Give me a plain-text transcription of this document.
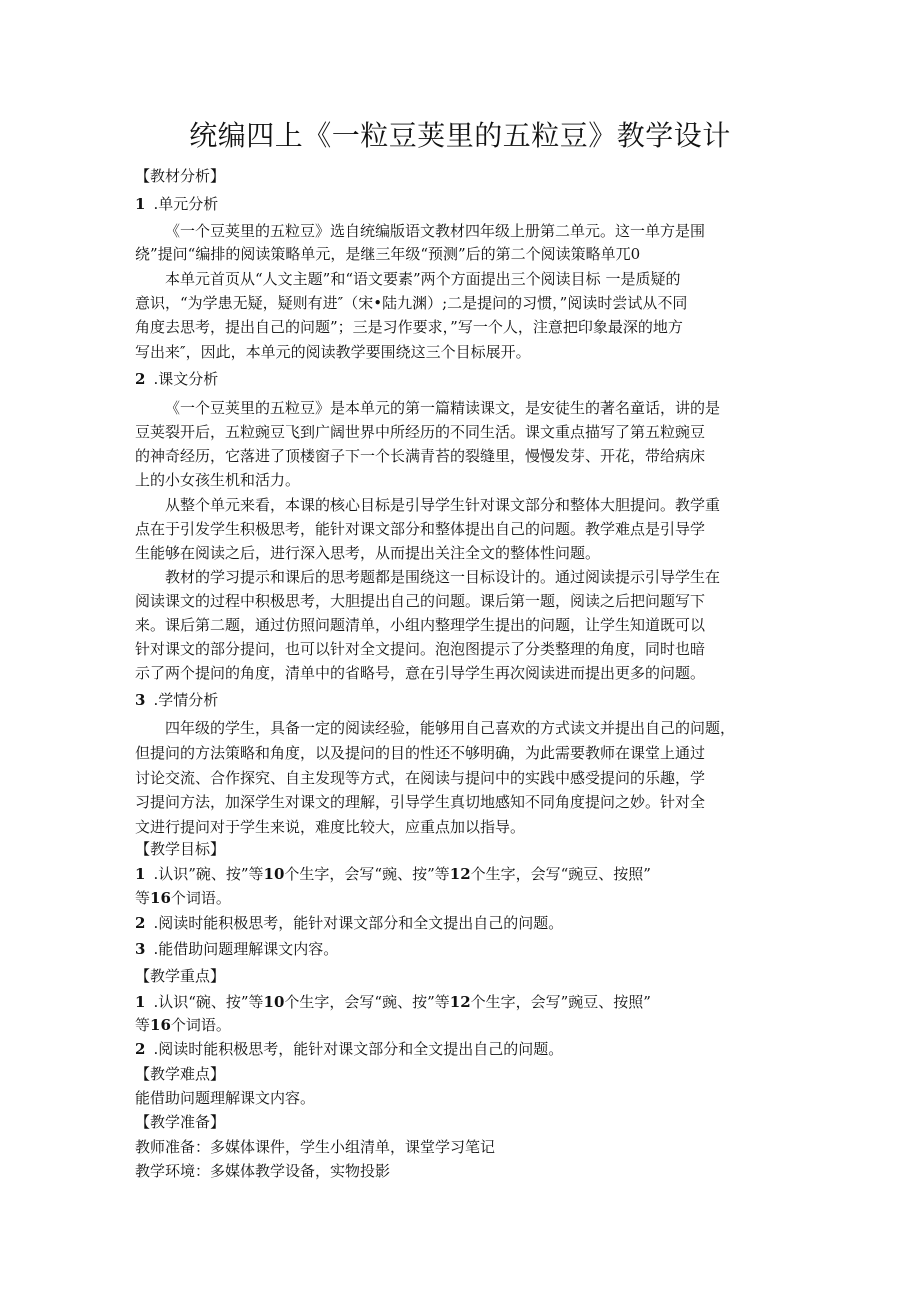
统编四上《一粒豆荚里的五粒豆》教学设计
【教材分析】
1 .单元分析
《一个豆荚里的五粒豆》选自统编版语文教材四年级上册第二单元。这一单方是围
绕”提问“编排的阅读策略单元，是继三年级“预测”后的第二个阅读策略单兀0
本单元首页从“人文主题”和“语文要素”两个方面提出三个阅读目标 一是质疑的
意识，“为学患无疑，疑则有进″（宋•陆九渊）;二是提问的习惯，”阅读时尝试从不同
角度去思考，提出自己的问题”；三是习作要求，”写一个人，注意把印象最深的地方
写出来″，因此，本单元的阅读教学要围绕这三个目标展开。
2 .课文分析
《一个豆荚里的五粒豆》是本单元的第一篇精读课文，是安徒生的著名童话，讲的是
豆荚裂开后，五粒豌豆飞到广阔世界中所经历的不同生活。课文重点描写了第五粒豌豆
的神奇经历，它落进了顶楼窗子下一个长满青苔的裂缝里，慢慢发芽、开花，带给病床
上的小女孩生机和活力。
从整个单元来看，本课的核心目标是引导学生针对课文部分和整体大胆提问。教学重
点在于引发学生积极思考，能针对课文部分和整体提出自己的问题。教学难点是引导学
生能够在阅读之后，进行深入思考，从而提出关注全文的整体性问题。
教材的学习提示和课后的思考题都是围绕这一目标设计的。通过阅读提示引导学生在
阅读课文的过程中积极思考，大胆提出自己的问题。课后第一题，阅读之后把问题写下
来。课后第二题，通过仿照问题清单，小组内整理学生提出的问题，让学生知道既可以
针对课文的部分提问，也可以针对全文提问。泡泡图提示了分类整理的角度，同时也暗
示了两个提问的角度，清单中的省略号，意在引导学生再次阅读进而提出更多的问题。
3 .学情分析
四年级的学生，具备一定的阅读经验，能够用自己喜欢的方式读文并提出自己的问题，
但提问的方法策略和角度，以及提问的目的性还不够明确，为此需要教师在课堂上通过
讨论交流、合作探究、自主发现等方式，在阅读与提问中的实践中感受提问的乐趣，学
习提问方法，加深学生对课文的理解，引导学生真切地感知不同角度提问之妙。针对全
文进行提问对于学生来说，难度比较大，应重点加以指导。
【教学目标】
1 .认识”碗、按”等10个生字，会写“豌、按”等12个生字，会写“豌豆、按照”
等16个词语。
2 .阅读时能积极思考，能针对课文部分和全文提出自己的问题。
3 .能借助问题理解课文内容。
【教学重点】
1 .认识“碗、按”等10个生字，会写“豌、按”等12个生字，会写”豌豆、按照”
等16个词语。
2 .阅读时能积极思考，能针对课文部分和全文提出自己的问题。
【教学难点】
能借助问题理解课文内容。
【教学准备】
教师准备：多媒体课件，学生小组清单，课堂学习笔记
教学环境：多媒体教学设备，实物投影
